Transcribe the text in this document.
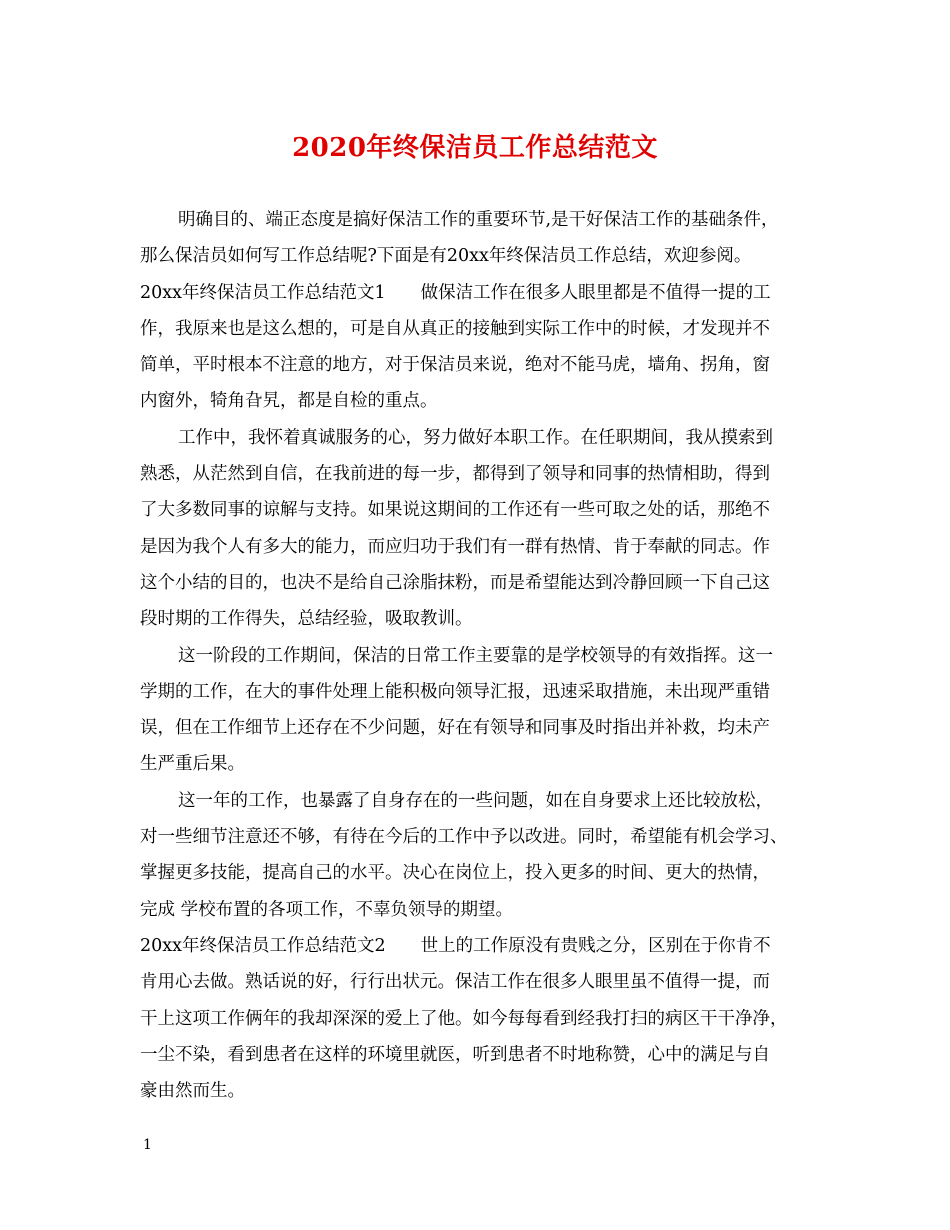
2020年终保洁员工作总结范文
明确目的、端正态度是搞好保洁工作的重要环节,是干好保洁工作的基础条件，
那么保洁员如何写工作总结呢?下面是有20xx年终保洁员工作总结，欢迎参阅。
20xx年终保洁员工作总结范文1　　做保洁工作在很多人眼里都是不值得一提的工
作，我原来也是这么想的，可是自从真正的接触到实际工作中的时候，才发现并不
简单，平时根本不注意的地方，对于保洁员来说，绝对不能马虎，墙角、拐角，窗
内窗外，犄角旮旯，都是自检的重点。
工作中，我怀着真诚服务的心，努力做好本职工作。在任职期间，我从摸索到
熟悉，从茫然到自信，在我前进的每一步，都得到了领导和同事的热情相助，得到
了大多数同事的谅解与支持。如果说这期间的工作还有一些可取之处的话，那绝不
是因为我个人有多大的能力，而应归功于我们有一群有热情、肯于奉献的同志。作
这个小结的目的，也决不是给自己涂脂抹粉，而是希望能达到冷静回顾一下自己这
段时期的工作得失，总结经验，吸取教训。
这一阶段的工作期间，保洁的日常工作主要靠的是学校领导的有效指挥。这一
学期的工作，在大的事件处理上能积极向领导汇报，迅速采取措施，未出现严重错
误，但在工作细节上还存在不少问题，好在有领导和同事及时指出并补救，均未产
生严重后果。
这一年的工作，也暴露了自身存在的一些问题，如在自身要求上还比较放松，
对一些细节注意还不够，有待在今后的工作中予以改进。同时，希望能有机会学习、
掌握更多技能，提高自己的水平。决心在岗位上，投入更多的时间、更大的热情，
完成 学校布置的各项工作，不辜负领导的期望。
20xx年终保洁员工作总结范文2　　世上的工作原没有贵贱之分，区别在于你肯不
肯用心去做。熟话说的好，行行出状元。保洁工作在很多人眼里虽不值得一提，而
干上这项工作俩年的我却深深的爱上了他。如今每每看到经我打扫的病区干干净净，
一尘不染，看到患者在这样的环境里就医，听到患者不时地称赞，心中的满足与自
豪由然而生。
1
